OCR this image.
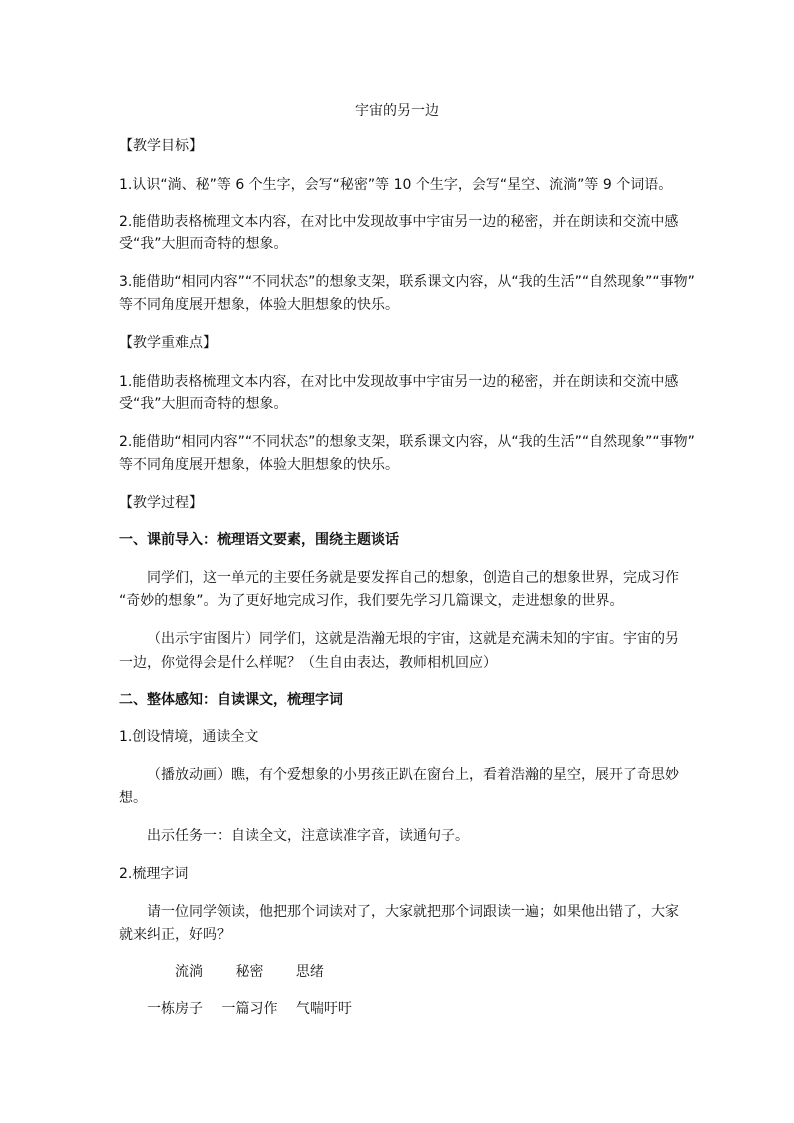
宇宙的另一边
【教学目标】
1.认识“淌、秘”等 6 个生字，会写“秘密”等 10 个生字，会写“星空、流淌”等 9 个词语。
2.能借助表格梳理文本内容，在对比中发现故事中宇宙另一边的秘密，并在朗读和交流中感
受“我”大胆而奇特的想象。
3.能借助“相同内容”“不同状态”的想象支架，联系课文内容，从“我的生活”“自然现象”“事物”
等不同角度展开想象，体验大胆想象的快乐。
【教学重难点】
1.能借助表格梳理文本内容，在对比中发现故事中宇宙另一边的秘密，并在朗读和交流中感
受“我”大胆而奇特的想象。
2.能借助“相同内容”“不同状态”的想象支架，联系课文内容，从“我的生活”“自然现象”“事物”
等不同角度展开想象，体验大胆想象的快乐。
【教学过程】
一、课前导入：梳理语文要素，围绕主题谈话
同学们，这一单元的主要任务就是要发挥自己的想象，创造自己的想象世界，完成习作
“奇妙的想象”。为了更好地完成习作，我们要先学习几篇课文，走进想象的世界。
（出示宇宙图片）同学们，这就是浩瀚无垠的宇宙，这就是充满未知的宇宙。宇宙的另
一边，你觉得会是什么样呢？（生自由表达，教师相机回应）
二、整体感知：自读课文，梳理字词
1.创设情境，通读全文
（播放动画）瞧，有个爱想象的小男孩正趴在窗台上，看着浩瀚的星空，展开了奇思妙
想。
出示任务一：自读全文，注意读准字音，读通句子。
2.梳理字词
请一位同学领读，他把那个词读对了，大家就把那个词跟读一遍；如果他出错了，大家
就来纠正，好吗？
流淌 秘密 思绪
一栋房子 一篇习作 气喘吁吁
